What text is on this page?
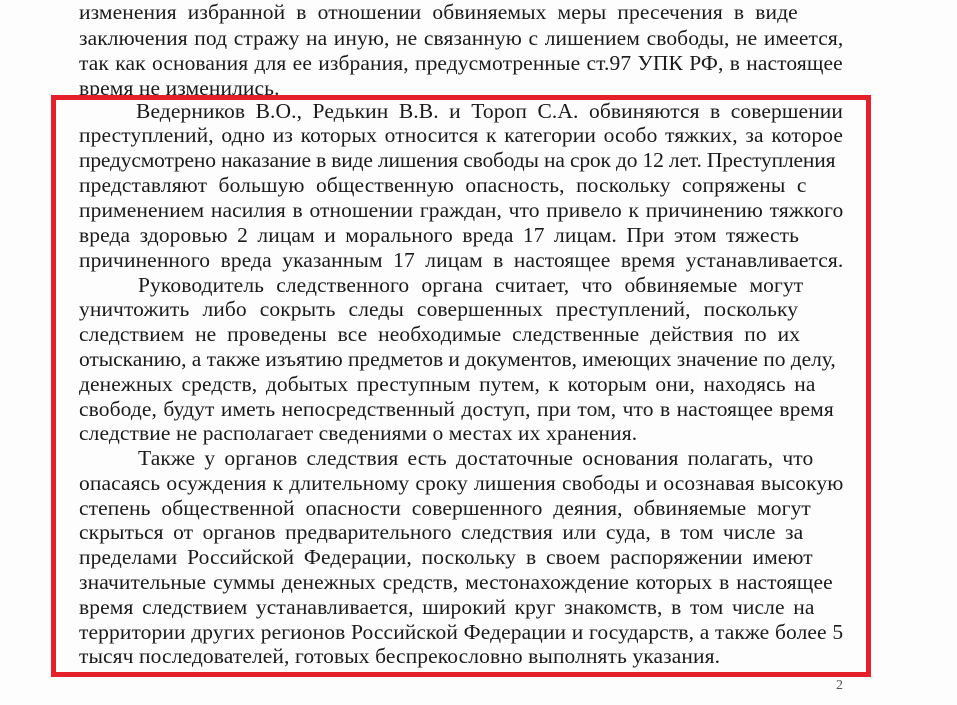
изменения избранной в отношении обвиняемых меры пресечения в виде
заключения под стражу на иную, не связанную с лишением свободы, не имеется,
так как основания для ее избрания, предусмотренные ст.97 УПК РФ, в настоящее
время не изменились.
Ведерников В.О., Редькин В.В. и Тороп С.А. обвиняются в совершении
преступлений, одно из которых относится к категории особо тяжких, за которое
предусмотрено наказание в виде лишения свободы на срок до 12 лет. Преступления
представляют большую общественную опасность, поскольку сопряжены с
применением насилия в отношении граждан, что привело к причинению тяжкого
вреда здоровью 2 лицам и морального вреда 17 лицам. При этом тяжесть
причиненного вреда указанным 17 лицам в настоящее время устанавливается.
Руководитель следственного органа считает, что обвиняемые могут
уничтожить либо сокрыть следы совершенных преступлений, поскольку
следствием не проведены все необходимые следственные действия по их
отысканию, а также изъятию предметов и документов, имеющих значение по делу,
денежных средств, добытых преступным путем, к которым они, находясь на
свободе, будут иметь непосредственный доступ, при том, что в настоящее время
следствие не располагает сведениями о местах их хранения.
Также у органов следствия есть достаточные основания полагать, что
опасаясь осуждения к длительному сроку лишения свободы и осознавая высокую
степень общественной опасности совершенного деяния, обвиняемые могут
скрыться от органов предварительного следствия или суда, в том числе за
пределами Российской Федерации, поскольку в своем распоряжении имеют
значительные суммы денежных средств, местонахождение которых в настоящее
время следствием устанавливается, широкий круг знакомств, в том числе на
территории других регионов Российской Федерации и государств, а также более 5
тысяч последователей, готовых беспрекословно выполнять указания.
2
